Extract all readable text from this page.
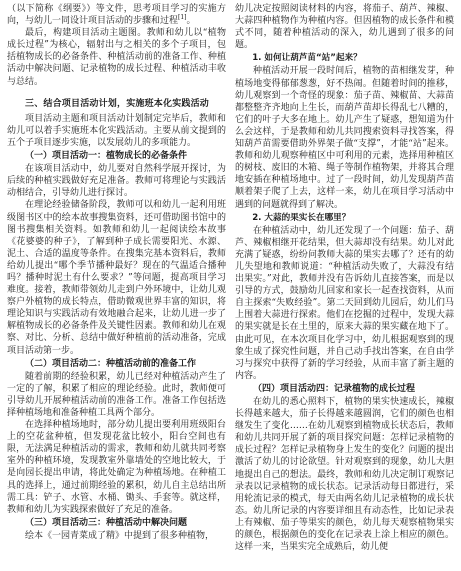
（以下简称《纲要》）等文件，思考项目学习的实施方向，与幼儿一同设计项目活动的步骤和过程[1]。

最后，构建项目活动主题图。教师和幼儿以“植物成长过程”为核心，辐射出与之相关的多个子项目，包括植物成长的必备条件、种植活动前的准备工作、种植活动中解决问题、记录植物的成长过程、种植活动丰收与总结。

三、结合项目活动计划，实施班本化实践活动

项目活动主题和项目活动计划制定完毕后，教师和幼儿可以着手实施班本化实践活动。主要从前文提到的五个子项目逐步实施，以发展幼儿的多项能力。

（一）项目活动一：植物成长的必备条件

在该项目活动中，幼儿要对自然科学展开探讨，为后续的种植实践做好充足准备。教师可将理论与实践活动相结合，引导幼儿进行探讨。

在理论经验储备阶段，教师可以和幼儿一起利用班级图书区中的绘本故事搜集资料，还可借助图书馆中的图书搜集相关资料。如教师和幼儿一起阅读绘本故事《花婆婆的种子》，了解到种子成长需要阳光、水源、泥土、合适的温度等条件。在搜集完基本资料后，教师给幼儿提出“哪个季节播种最好？现在的气温适合播种吗？播种时泥土有什么要求？”等问题，提高项目学习难度。接着，教师带领幼儿走到户外环境中，让幼儿观察户外植物的成长特点，借助微观世界丰富的知识，将理论知识与实践活动有效地融合起来，让幼儿进一步了解植物成长的必备条件及关键性因素。教师和幼儿在观察、对比、分析、总结中做好种植前的活动准备，完成项目活动第一步。

（二）项目活动二：种植活动前的准备工作

随着前期的经验积累，幼儿已经对种植活动产生了一定的了解，积累了相应的理论经验。此时，教师便可引导幼儿开展种植活动前的准备工作。准备工作包括选择种植场地和准备种植工具两个部分。

在选择种植场地时，部分幼儿提出要利用班级阳台上的空花盆种植，但发现花盆比较小，阳台空间也有限，无法满足种植活动的需求，教师和幼儿就共同考察室外的种植环境，发现教室外靠墙处的空地比较大，于是向园长提出申请，将此处确定为种植场地。在种植工具的选择上，通过前期经验的累积，幼儿自主总结出所需工具：铲子、水管、水桶、锄头、手套等。就这样，教师和幼儿为实践探索做好了充足的准备。

（三）项目活动三：种植活动中解决问题

绘本《一园青菜成了精》中提到了很多种植物，

幼儿决定按照阅读材料的内容，将茄子、葫芦、辣椒、大蒜四种植物作为种植内容。但因植物的成长条件和模式不同，随着种植活动的深入，幼儿遇到了很多的问题。

1. 如何让葫芦苗“站”起来？

种植活动开展一段时间后，植物的苗相继发芽，种植场地变得郁郁葱葱，好不热闹。但随着时间的推移，幼儿观察到一个奇怪的现象：茄子苗、辣椒苗、大蒜苗都整整齐齐地向上生长，而葫芦苗却长得乱七八糟的，它们的叶子大多在地上。幼儿产生了疑惑，想知道为什么会这样，于是教师和幼儿共同搜索资料寻找答案，得知葫芦苗需要借助外界架子做“支撑”，才能“站”起来。教师和幼儿观察种植区中可利用的元素，选择用种植区的树枝、废旧的木箱、绳子等制作植物架，并将其合理地安插在种植场地中。过了一段时间，幼儿发现葫芦苗顺着架子爬了上去，这样一来，幼儿在项目学习活动中遇到的问题就得到了解决。

2. 大蒜的果实长在哪里？

在种植活动中，幼儿还发现了一个问题：茄子、葫芦、辣椒相继开花结果，但大蒜却没有结果。幼儿对此充满了疑惑，纷纷问教师大蒜的果实去哪了？还有的幼儿失望地和教师说道：“种植活动失败了，大蒜没有结出果实。”对此，教师并没有告诉幼儿直接答案，而是以引导的方式，鼓励幼儿回家和家长一起查找资料，从而自主探索“失败经验”。第二天回到幼儿园后，幼儿们马上围着大蒜进行探索。他们在挖掘的过程中，发现大蒜的果实就是长在土里的，原来大蒜的果实藏在地下了。由此可见，在本次项目化学习中，幼儿根据观察到的现象生成了探究性问题，并自己动手找出答案，在自由学习与探究中获得了新的学习经验，从而丰富了新主题的内容。

（四）项目活动四：记录植物的成长过程

在幼儿的悉心照料下，植物的果实快速成长，辣椒长得越来越大，茄子长得越来越圆润，它们的颜色也相继发生了变化……在幼儿观察到植物成长状态后，教师和幼儿共同开展了新的项目探究问题：怎样记录植物的成长过程？怎样记录植物身上发生的变化？问题的提出激活了幼儿的讨论欲望。针对观察到的现象，幼儿大胆地提出自己的想法。最终，教师和幼儿决定制订观察记录表以记录植物的成长状态。记录活动每日都进行，采用轮流记录的模式，每天由两名幼儿记录植物的成长状态。幼儿所记录的内容要详细且有动态性，比如记录表上有辣椒、茄子等果实的颜色，幼儿每天观察植物果实的颜色，根据颜色的变化在记录表上涂上相应的颜色。这样一来，当果实完全成熟后，幼儿便
